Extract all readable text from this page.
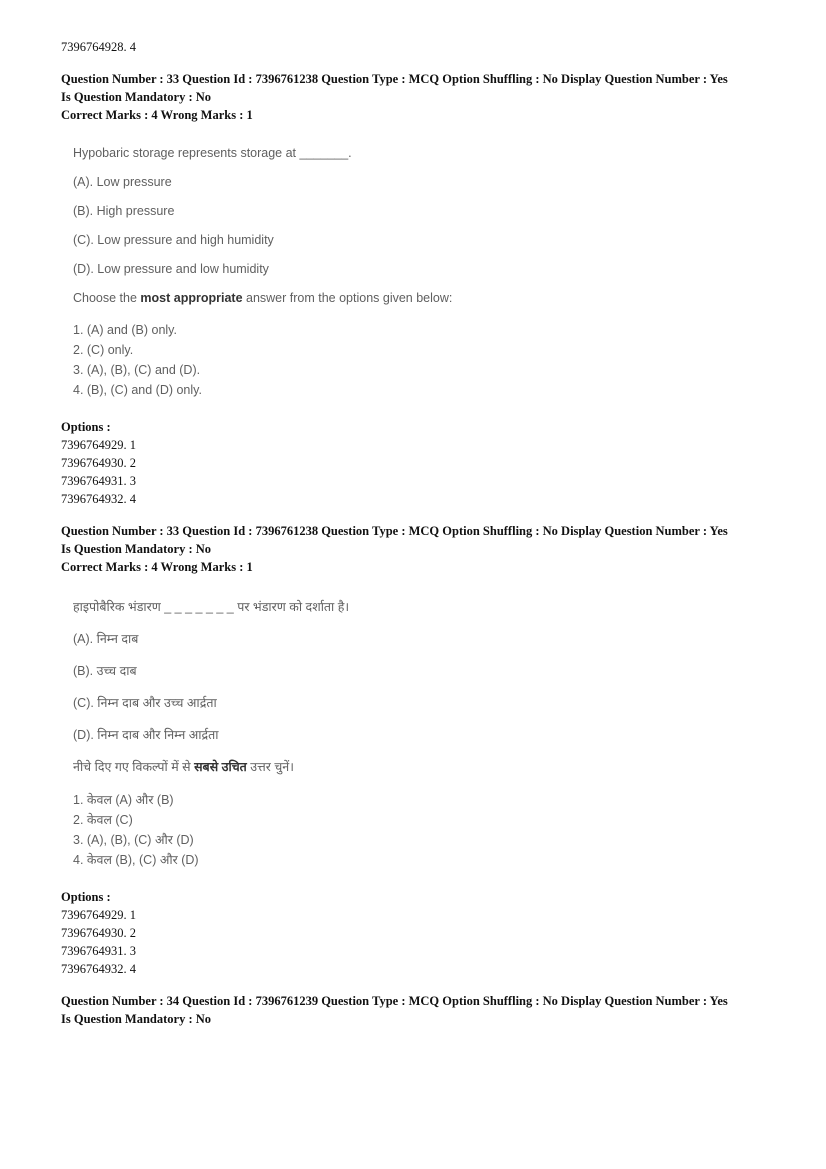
7396764928. 4
Question Number : 33 Question Id : 7396761238 Question Type : MCQ Option Shuffling : No Display Question Number : Yes
Is Question Mandatory : No
Correct Marks : 4 Wrong Marks : 1
Hypobaric storage represents storage at _______.
(A). Low pressure
(B). High pressure
(C). Low pressure and high humidity
(D). Low pressure and low humidity
Choose the most appropriate answer from the options given below:
1. (A) and (B) only.
2. (C) only.
3. (A), (B), (C) and (D).
4. (B), (C) and (D) only.
Options :
7396764929. 1
7396764930. 2
7396764931. 3
7396764932. 4
Question Number : 33 Question Id : 7396761238 Question Type : MCQ Option Shuffling : No Display Question Number : Yes
Is Question Mandatory : No
Correct Marks : 4 Wrong Marks : 1
हाइपोबैरिक भंडारण _ _ _ _ _ _ _ पर भंडारण को दर्शाता है।
(A). निम्न दाब
(B). उच्च दाब
(C). निम्न दाब और उच्च आर्द्रता
(D). निम्न दाब और निम्न आर्द्रता
नीचे दिए गए विकल्पों में से सबसे उचित उत्तर चुनें।
1. केवल (A) और (B)
2. केवल (C)
3. (A), (B), (C) और (D)
4. केवल (B), (C) और (D)
Options :
7396764929. 1
7396764930. 2
7396764931. 3
7396764932. 4
Question Number : 34 Question Id : 7396761239 Question Type : MCQ Option Shuffling : No Display Question Number : Yes
Is Question Mandatory : No
